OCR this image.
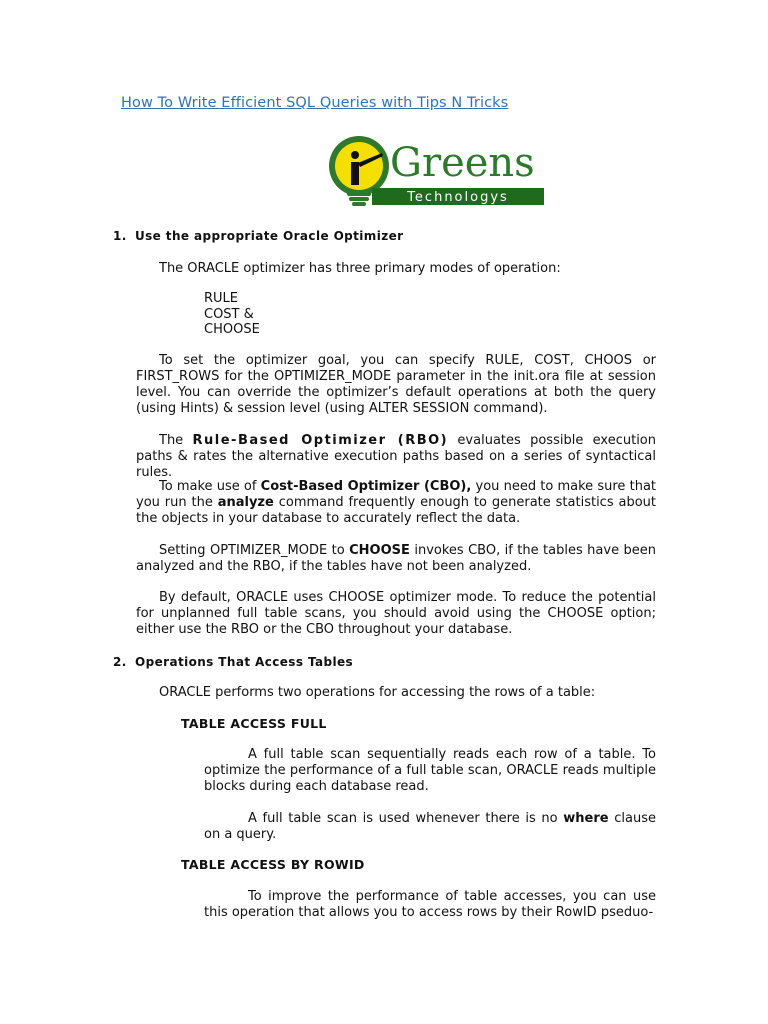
How To Write Efficient SQL Queries with Tips N Tricks
Greens
Technologys
1. Use the appropriate Oracle Optimizer
The ORACLE optimizer has three primary modes of operation:
RULE
COST &
CHOOSE
To set the optimizer goal, you can specify RULE, COST, CHOOS or FIRST_ROWS for the OPTIMIZER_MODE parameter in the init.ora file at session level. You can override the optimizer’s default operations at both the query (using Hints) & session level (using ALTER SESSION command).
The Rule-Based Optimizer (RBO) evaluates possible execution paths & rates the alternative execution paths based on a series of syntactical rules.
To make use of Cost-Based Optimizer (CBO), you need to make sure that you run the analyze command frequently enough to generate statistics about the objects in your database to accurately reflect the data.
Setting OPTIMIZER_MODE to CHOOSE invokes CBO, if the tables have been analyzed and the RBO, if the tables have not been analyzed.
By default, ORACLE uses CHOOSE optimizer mode. To reduce the potential for unplanned full table scans, you should avoid using the CHOOSE option; either use the RBO or the CBO throughout your database.
2. Operations That Access Tables
ORACLE performs two operations for accessing the rows of a table:
TABLE ACCESS FULL
A full table scan sequentially reads each row of a table. To optimize the performance of a full table scan, ORACLE reads multiple blocks during each database read.
A full table scan is used whenever there is no where clause on a query.
TABLE ACCESS BY ROWID
To improve the performance of table accesses, you can use this operation that allows you to access rows by their RowID pseduo-
